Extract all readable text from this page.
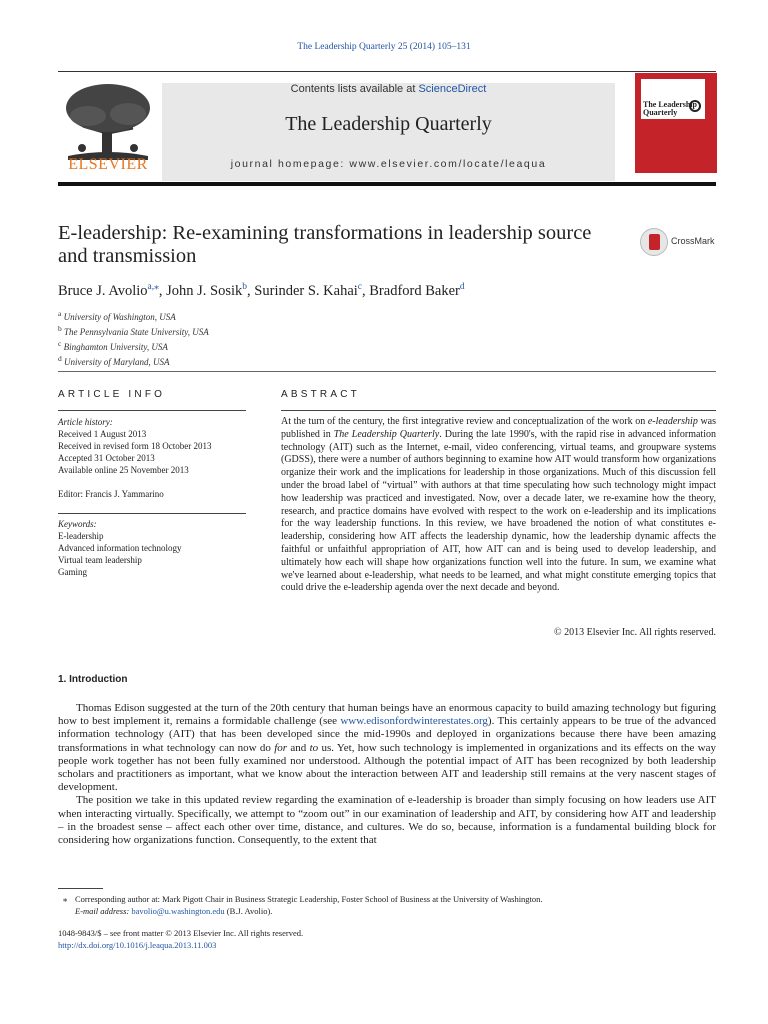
The Leadership Quarterly 25 (2014) 105–131
ELSEVIER
Contents lists available at ScienceDirect
The Leadership Quarterly
journal homepage: www.elsevier.com/locate/leaqua
The Leadership Quarterly
E-leadership: Re-examining transformations in leadership source and transmission
CrossMark
Bruce J. Avolio$^{a,⁎}$, John J. Sosik$^b$, Surinder S. Kahai$^c$, Bradford Baker$^d$
$^a$ University of Washington, USA
$^b$ The Pennsylvania State University, USA
$^c$ Binghamton University, USA
$^d$ University of Maryland, USA
ARTICLE INFO
Article history:
Received 1 August 2013
Received in revised form 18 October 2013
Accepted 31 October 2013
Available online 25 November 2013
Editor: Francis J. Yammarino
Keywords:
E-leadership
Advanced information technology
Virtual team leadership
Gaming
ABSTRACT
At the turn of the century, the first integrative review and conceptualization of the work on e-leadership was published in The Leadership Quarterly. During the late 1990's, with the rapid rise in advanced information technology (AIT) such as the Internet, e-mail, video conferencing, virtual teams, and groupware systems (GDSS), there were a number of authors beginning to examine how AIT would transform how organizations organize their work and the implications for leadership in those organizations. Much of this discussion fell under the broad label of “virtual” with authors at that time speculating how such technology might impact how leadership was practiced and investigated. Now, over a decade later, we re-examine how the theory, research, and practice domains have evolved with respect to the work on e-leadership and its implications for the way leadership functions. In this review, we have broadened the notion of what constitutes e-leadership, considering how AIT affects the leadership dynamic, how the leadership dynamic affects the faithful or unfaithful appropriation of AIT, how AIT can and is being used to develop leadership, and ultimately how each will shape how organizations function well into the future. In sum, we examine what we've learned about e-leadership, what needs to be learned, and what might constitute emerging topics that could drive the e-leadership agenda over the next decade and beyond.
© 2013 Elsevier Inc. All rights reserved.
1. Introduction

Thomas Edison suggested at the turn of the 20th century that human beings have an enormous capacity to build amazing technology but figuring how to best implement it, remains a formidable challenge (see www.edisonfordwinterestates.org). This certainly appears to be true of the advanced information technology (AIT) that has been developed since the mid-1990s and deployed in organizations because there have been amazing transformations in what technology can now do for and to us. Yet, how such technology is implemented in organizations and its effects on the way people work together has not been fully examined nor understood. Although the potential impact of AIT has been recognized by both leadership scholars and practitioners as important, what we know about the interaction between AIT and leadership still remains at the very nascent stages of development.

The position we take in this updated review regarding the examination of e-leadership is broader than simply focusing on how leaders use AIT when interacting virtually. Specifically, we attempt to “zoom out” in our examination of leadership and AIT, by considering how AIT and leadership – in the broadest sense – affect each other over time, distance, and cultures. We do so, because, information is a fundamental building block for considering how organizations function. Consequently, to the extent that

⁎ Corresponding author at: Mark Pigott Chair in Business Strategic Leadership, Foster School of Business at the University of Washington.
E-mail address: bavolio@u.washington.edu (B.J. Avolio).
1048-9843/$ – see front matter © 2013 Elsevier Inc. All rights reserved.
http://dx.doi.org/10.1016/j.leaqua.2013.11.003
